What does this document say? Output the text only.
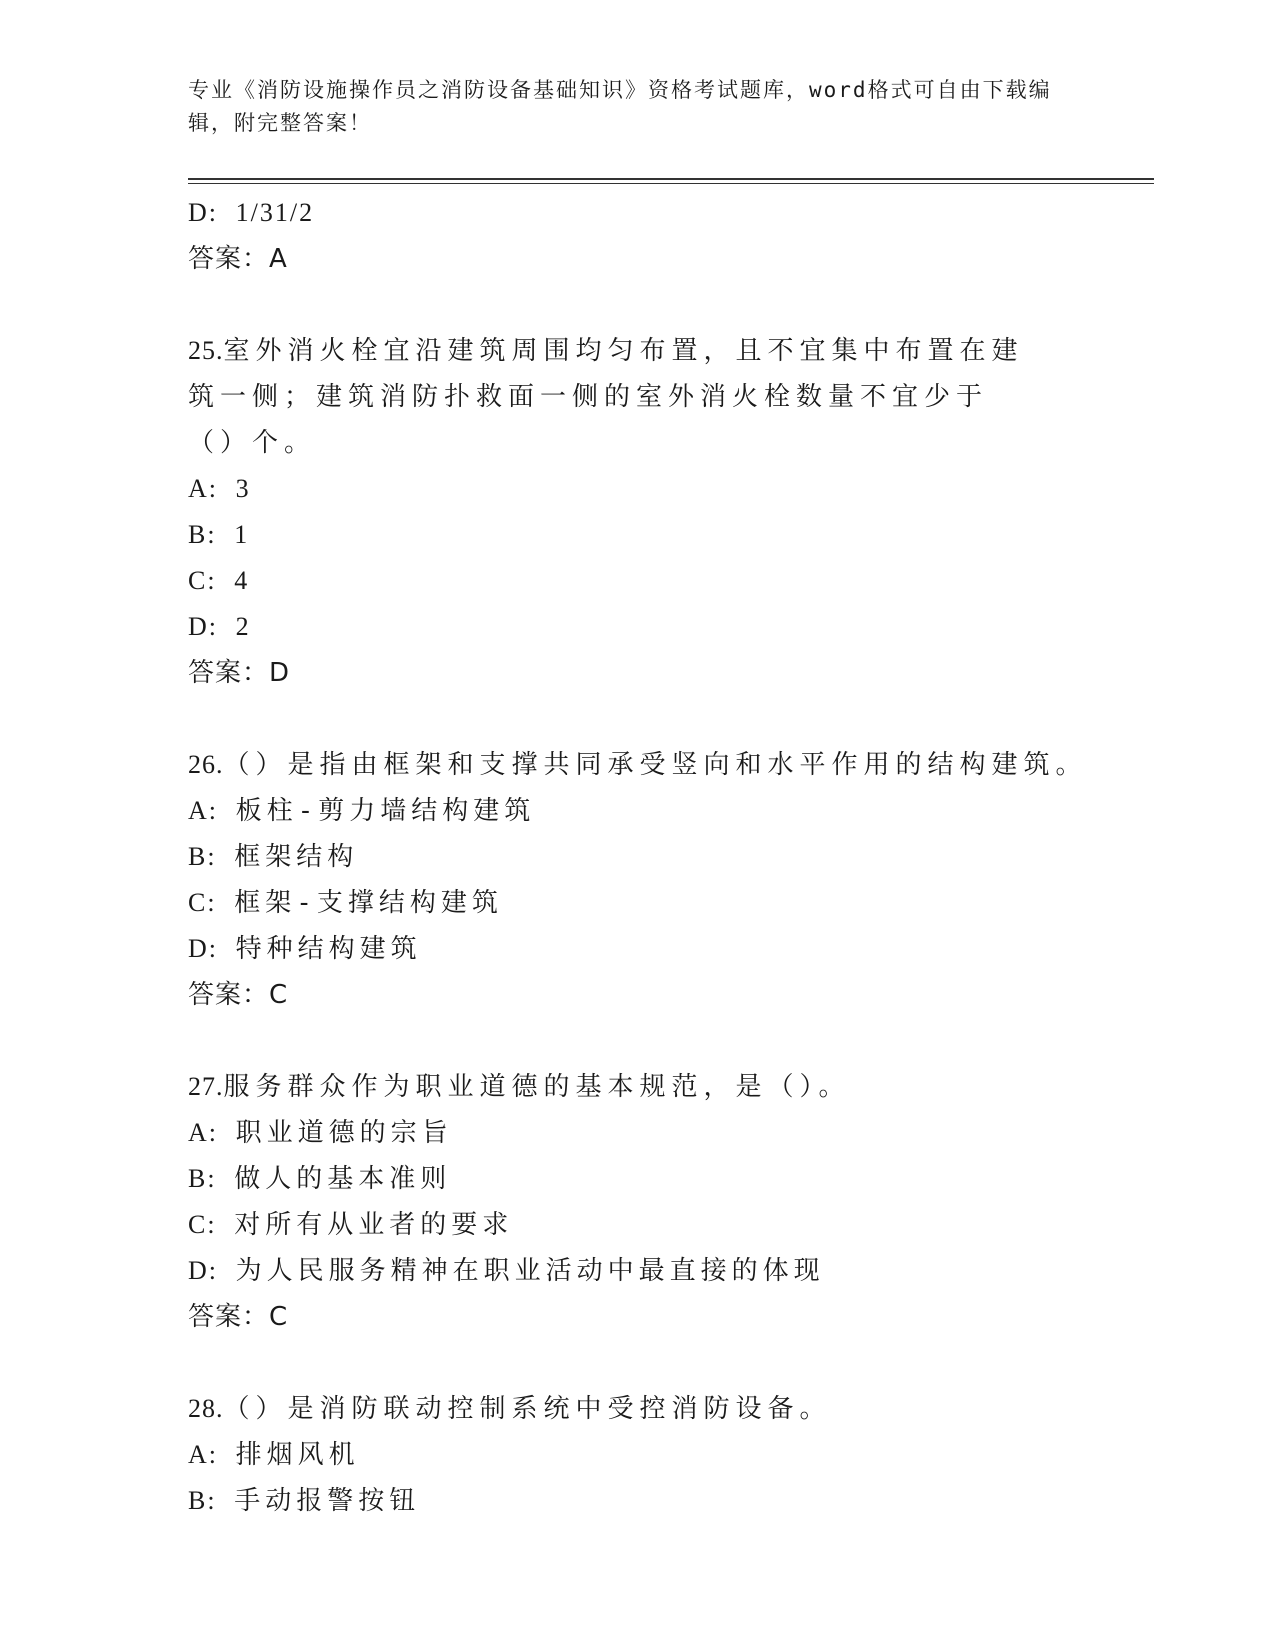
专业《消防设施操作员之消防设备基础知识》资格考试题库，word格式可自由下载编辑，附完整答案！
D: 1/31/2
答案：A
25.室外消火栓宜沿建筑周围均匀布置，且不宜集中布置在建筑一侧；建筑消防扑救面一侧的室外消火栓数量不宜少于（）个。
A: 3
B: 1
C: 4
D: 2
答案：D
26.（）是指由框架和支撑共同承受竖向和水平作用的结构建筑。
A: 板柱-剪力墙结构建筑
B: 框架结构
C: 框架-支撑结构建筑
D: 特种结构建筑
答案：C
27.服务群众作为职业道德的基本规范，是（）。
A: 职业道德的宗旨
B: 做人的基本准则
C: 对所有从业者的要求
D: 为人民服务精神在职业活动中最直接的体现
答案：C
28.（）是消防联动控制系统中受控消防设备。
A: 排烟风机
B: 手动报警按钮
